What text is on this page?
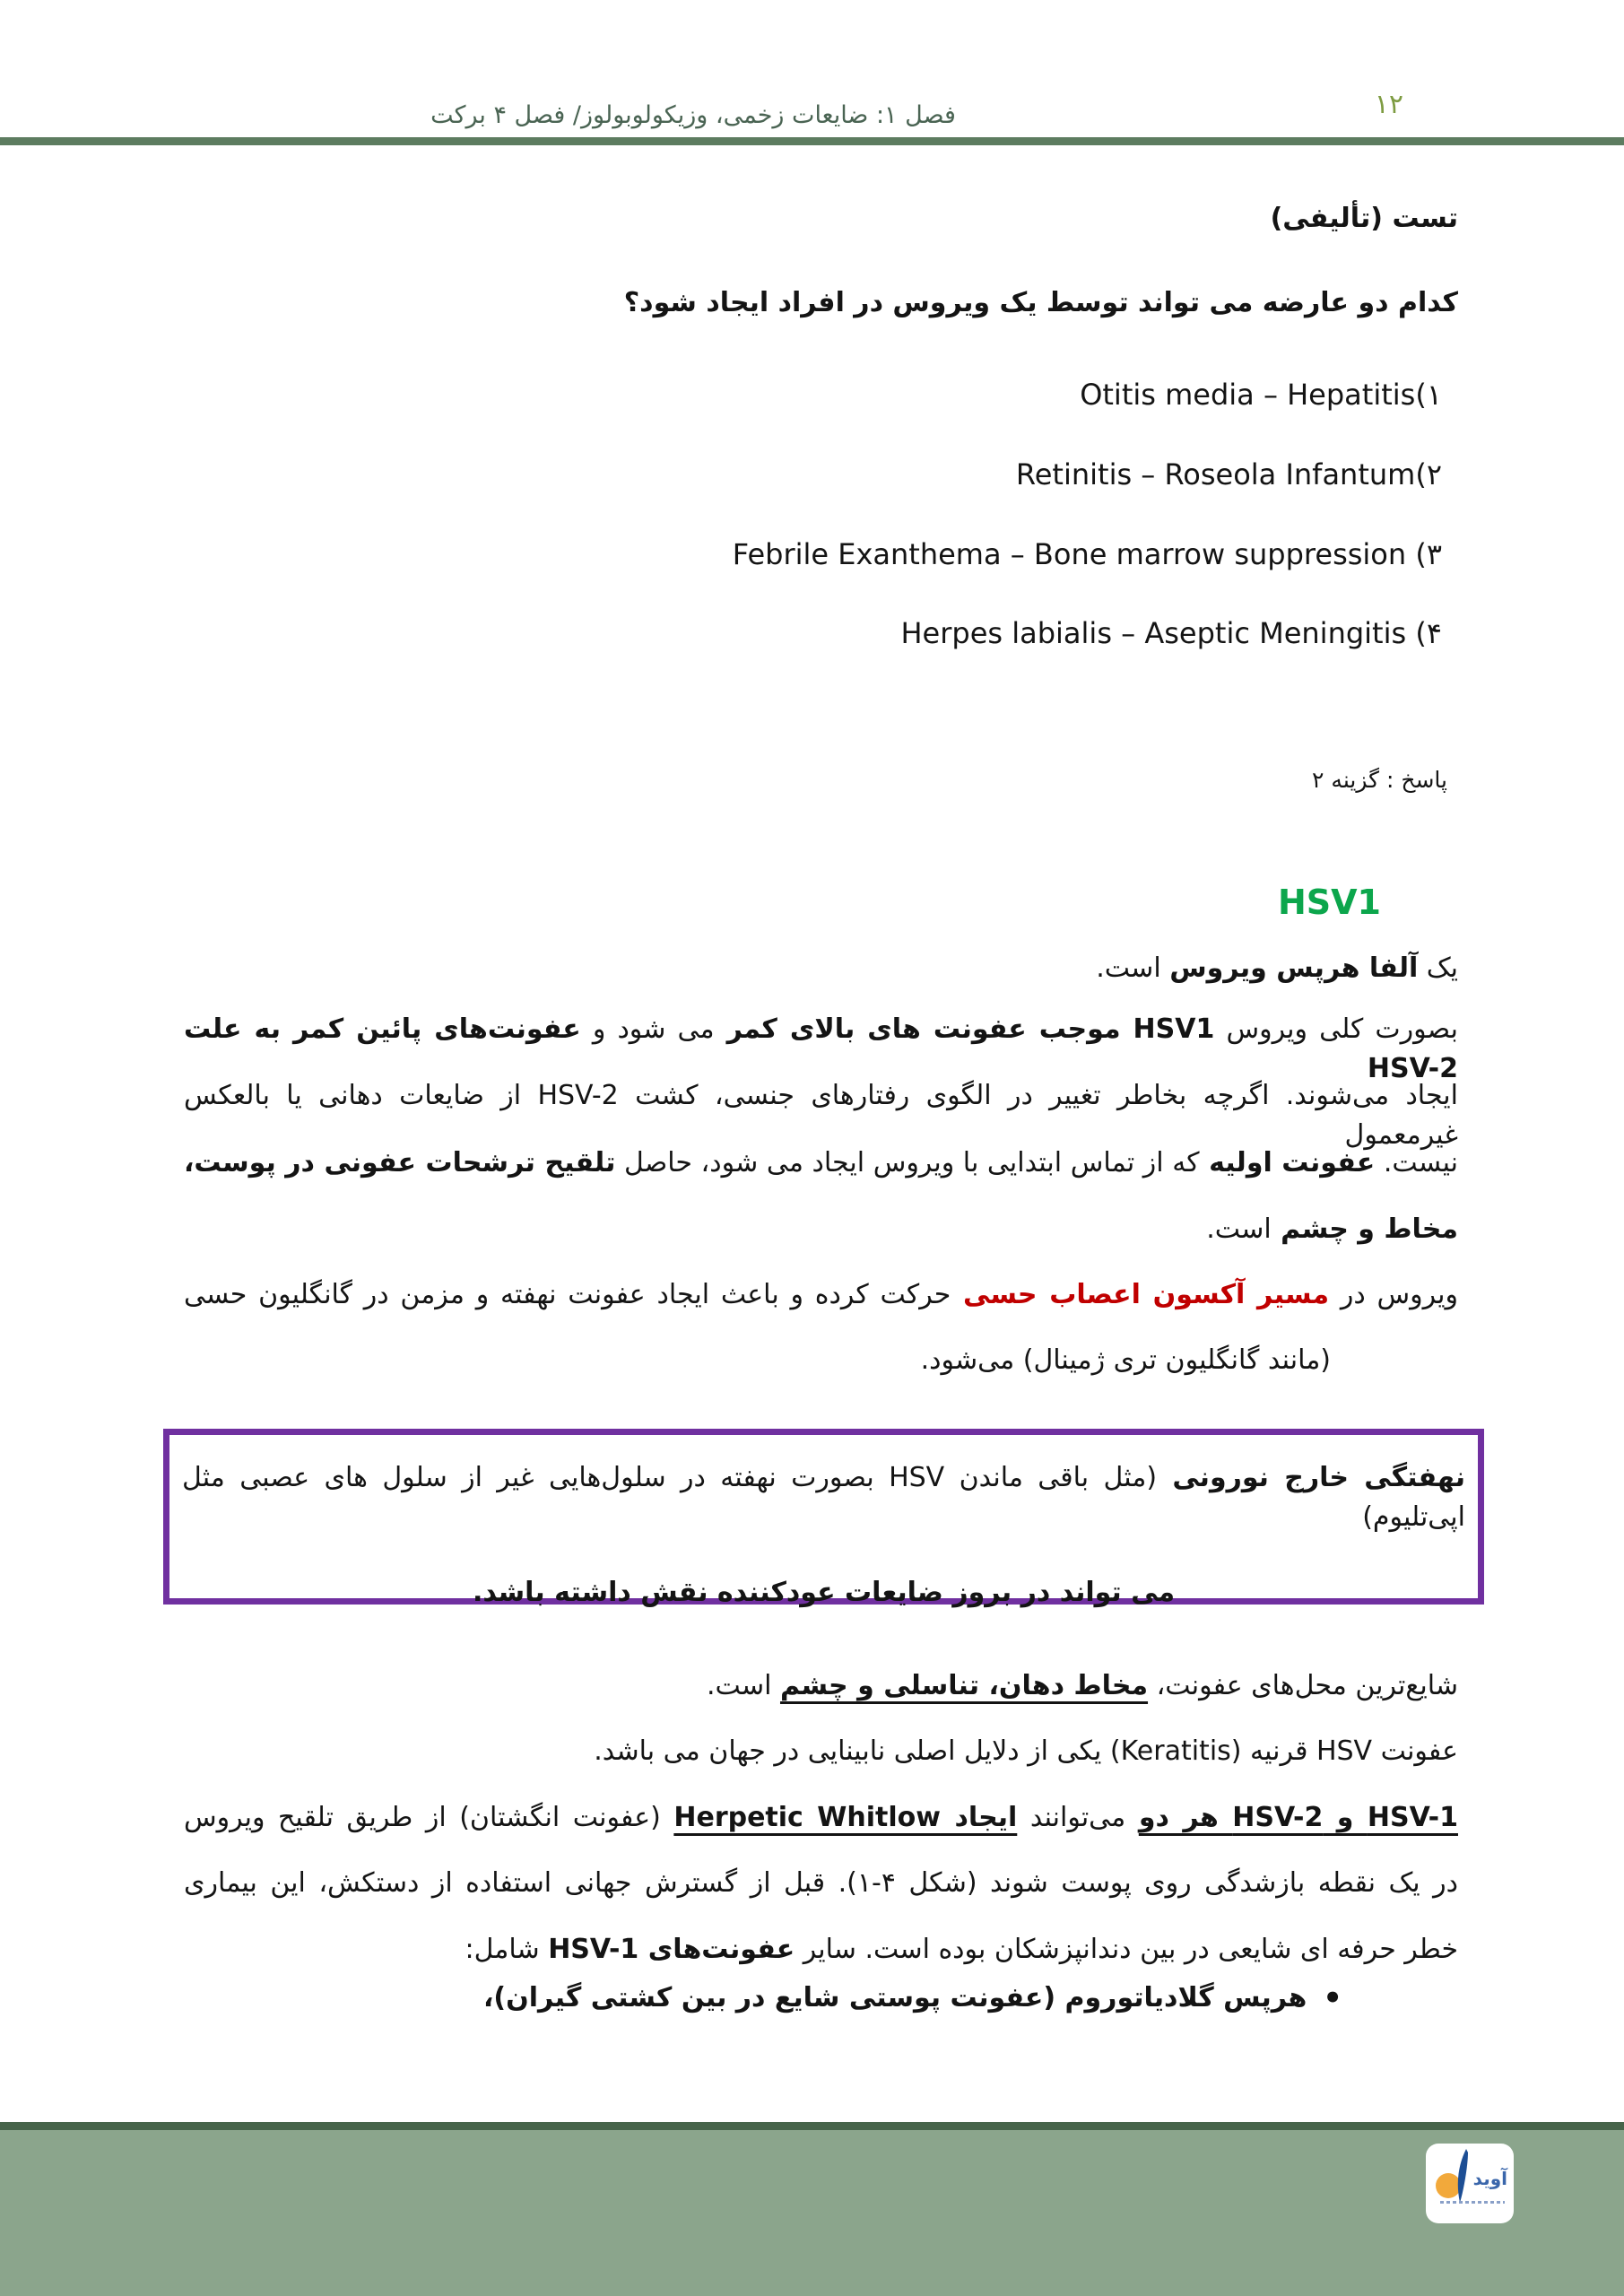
۱۲
فصل ۱: ضایعات زخمی، وزیکولوبولوز/ فصل ۴ برکت
تست (تألیفی)
کدام دو عارضه می تواند توسط یک ویروس در افراد ایجاد شود؟
۱)Otitis media – Hepatitis
۲)Retinitis – Roseola Infantum
۳) Febrile Exanthema – Bone marrow suppression
۴) Herpes labialis – Aseptic Meningitis
پاسخ : گزینه ۲
HSV1
یک آلفا هرپس ویروس است.
بصورت کلی ویروس HSV1 موجب عفونت های بالای کمر می شود و عفونت‌های پائین کمر به علت HSV-2
ایجاد می‌شوند. اگرچه بخاطر تغییر در الگوی رفتارهای جنسی، کشت HSV-2 از ضایعات دهانی یا بالعکس غیرمعمول
نیست. عفونت اولیه که از تماس ابتدایی با ویروس ایجاد می شود، حاصل تلقیح ترشحات عفونی در پوست،
مخاط و چشم است.
ویروس در مسیر آکسون اعصاب حسی حرکت کرده و باعث ایجاد عفونت نهفته و مزمن در گانگلیون حسی
(مانند گانگلیون تری ژمینال) می‌شود.
نهفتگی خارج نورونی (مثل باقی ماندن HSV بصورت نهفته در سلول‌هایی غیر از سلول های عصبی مثل اپی‌تلیوم)
می تواند در بروز ضایعات عودکننده نقش داشته باشد.
شایع‌ترین محل‌های عفونت، مخاط دهان، تناسلی و چشم است.
عفونت HSV قرنیه (Keratitis) یکی از دلایل اصلی نابینایی در جهان می باشد.
HSV-1 و HSV-2 هر دو می‌توانند ایجاد Herpetic Whitlow (عفونت انگشتان) از طریق تلقیح ویروس
در یک نقطه بازشدگی روی پوست شوند (شکل ۴-۱). قبل از گسترش جهانی استفاده از دستکش، این بیماری
خطر حرفه ای شایعی در بین دندانپزشکان بوده است. سایر عفونت‌های HSV-1 شامل:
•
هرپس گلادیاتوروم (عفونت پوستی شایع در بین کشتی گیران)،
آوید
